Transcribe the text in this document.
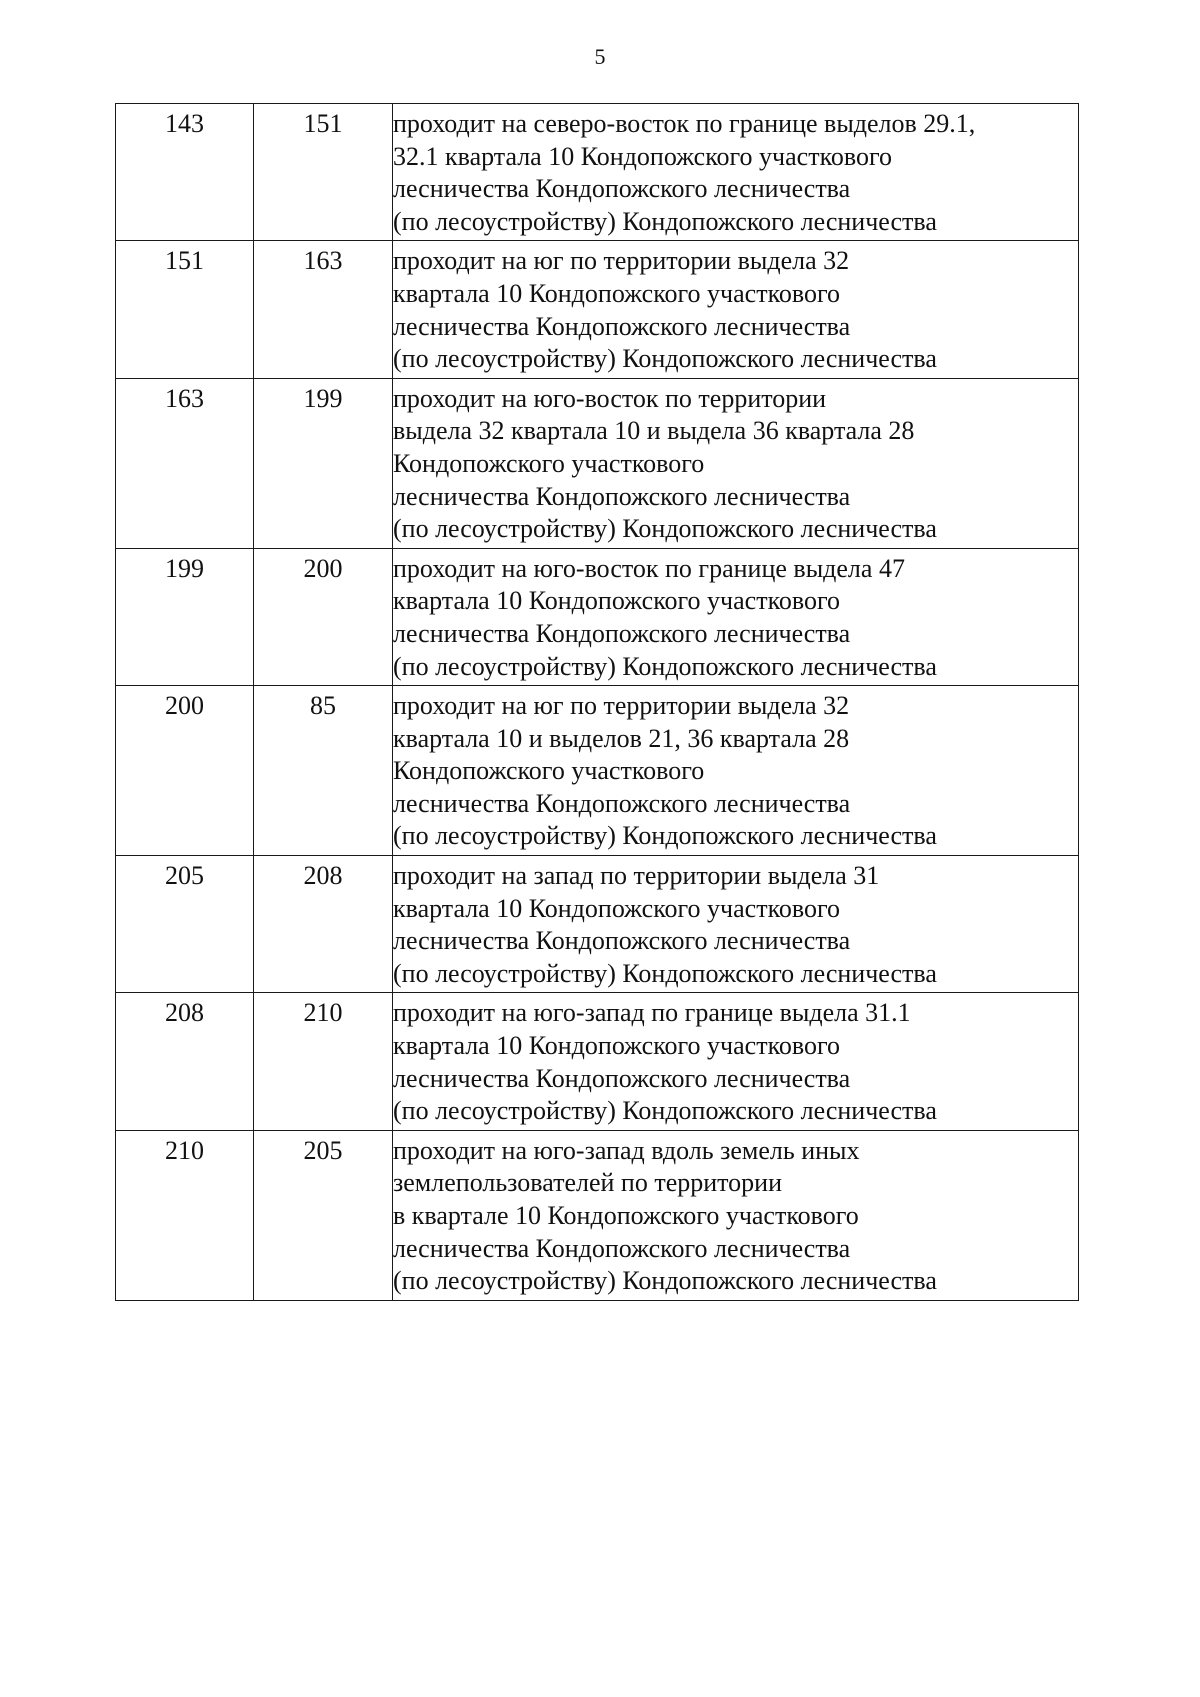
5
143	151	проходит на северо-восток по границе выделов 29.1,
32.1 квартала 10 Кондопожского участкового
лесничества Кондопожского лесничества
(по лесоустройству) Кондопожского лесничества
151	163	проходит на юг по территории выдела 32
квартала 10 Кондопожского участкового
лесничества Кондопожского лесничества
(по лесоустройству) Кондопожского лесничества
163	199	проходит на юго-восток по территории
выдела 32 квартала 10 и выдела 36 квартала 28
Кондопожского участкового
лесничества Кондопожского лесничества
(по лесоустройству) Кондопожского лесничества
199	200	проходит на юго-восток по границе выдела 47
квартала 10 Кондопожского участкового
лесничества Кондопожского лесничества
(по лесоустройству) Кондопожского лесничества
200	85	проходит на юг по территории выдела 32
квартала 10 и выделов 21, 36 квартала 28
Кондопожского участкового
лесничества Кондопожского лесничества
(по лесоустройству) Кондопожского лесничества
205	208	проходит на запад по территории выдела 31
квартала 10 Кондопожского участкового
лесничества Кондопожского лесничества
(по лесоустройству) Кондопожского лесничества
208	210	проходит на юго-запад по границе выдела 31.1
квартала 10 Кондопожского участкового
лесничества Кондопожского лесничества
(по лесоустройству) Кондопожского лесничества
210	205	проходит на юго-запад вдоль земель иных
землепользователей по территории
в квартале 10 Кондопожского участкового
лесничества Кондопожского лесничества
(по лесоустройству) Кондопожского лесничества
